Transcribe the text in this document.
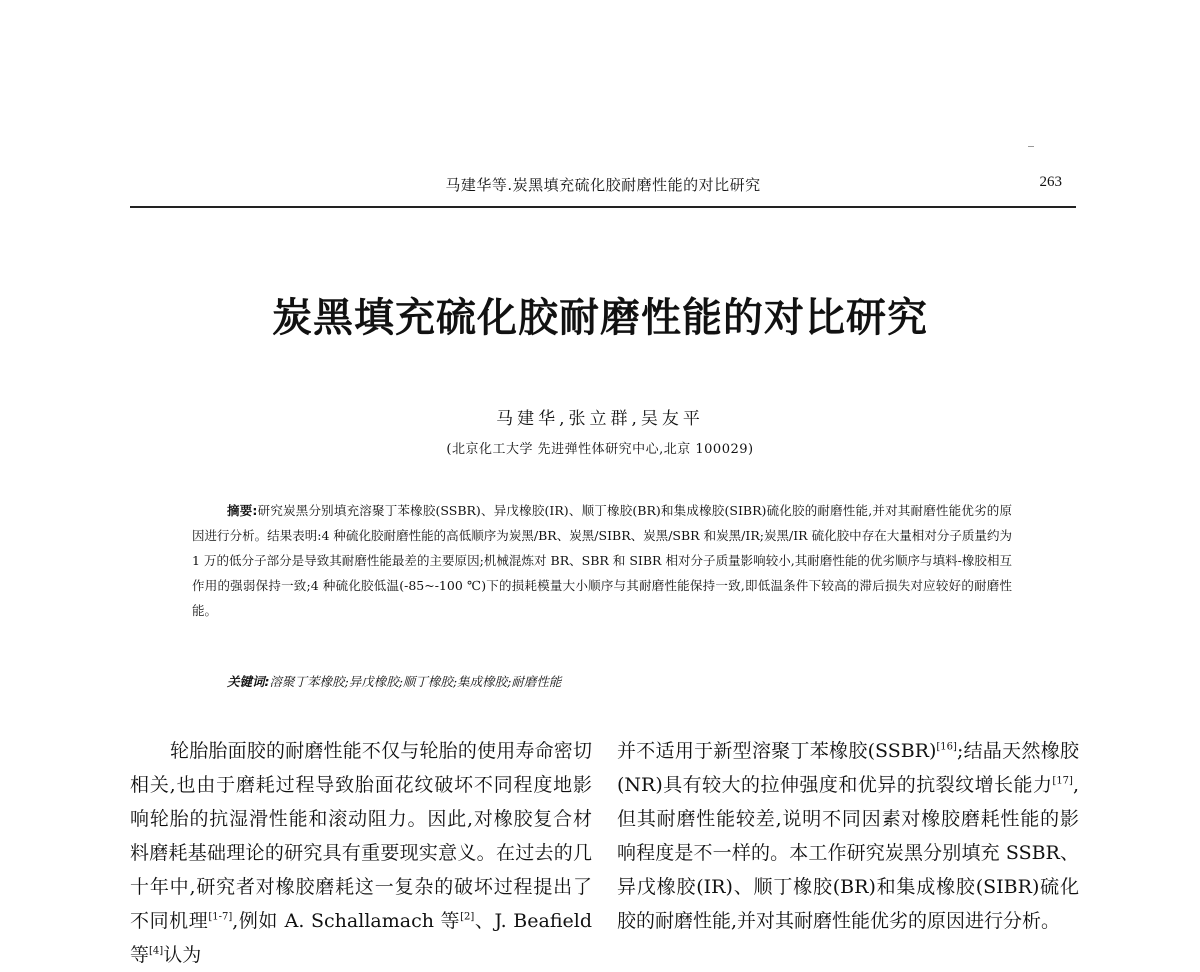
马建华等.炭黑填充硫化胶耐磨性能的对比研究	263
炭黑填充硫化胶耐磨性能的对比研究
马建华,张立群,吴友平
(北京化工大学 先进弹性体研究中心,北京 100029)
摘要:研究炭黑分别填充溶聚丁苯橡胶(SSBR)、异戊橡胶(IR)、顺丁橡胶(BR)和集成橡胶(SIBR)硫化胶的耐磨性能,并对其耐磨性能优劣的原因进行分析。结果表明:4 种硫化胶耐磨性能的高低顺序为炭黑/BR、炭黑/SIBR、炭黑/SBR 和炭黑/IR;炭黑/IR 硫化胶中存在大量相对分子质量约为 1 万的低分子部分是导致其耐磨性能最差的主要原因;机械混炼对 BR、SBR 和 SIBR 相对分子质量影响较小,其耐磨性能的优劣顺序与填料-橡胶相互作用的强弱保持一致;4 种硫化胶低温(-85~-100 ℃)下的损耗模量大小顺序与其耐磨性能保持一致,即低温条件下较高的滞后损失对应较好的耐磨性能。
关键词:溶聚丁苯橡胶;异戊橡胶;顺丁橡胶;集成橡胶;耐磨性能
轮胎胎面胶的耐磨性能不仅与轮胎的使用寿命密切相关,也由于磨耗过程导致胎面花纹破坏不同程度地影响轮胎的抗湿滑性能和滚动阻力。因此,对橡胶复合材料磨耗基础理论的研究具有重要现实意义。在过去的几十年中,研究者对橡胶磨耗这一复杂的破坏过程提出了不同机理[1-7],例如 A. Schallamach 等[2]、J. Beafield 等[4]认为
并不适用于新型溶聚丁苯橡胶(SSBR)[16];结晶天然橡胶(NR)具有较大的拉伸强度和优异的抗裂纹增长能力[17],但其耐磨性能较差,说明不同因素对橡胶磨耗性能的影响程度是不一样的。本工作研究炭黑分别填充 SSBR、异戊橡胶(IR)、顺丁橡胶(BR)和集成橡胶(SIBR)硫化胶的耐磨性能,并对其耐磨性能优劣的原因进行分析。
